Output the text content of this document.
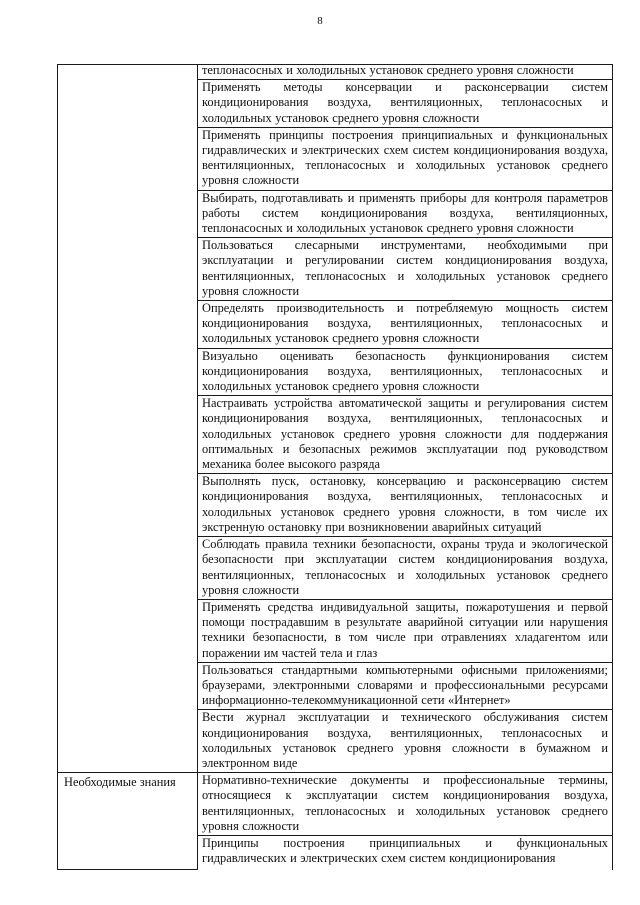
8

	теплонасосных и холодильных установок среднего уровня сложности

	Применять методы консервации и расконсервации систем кондиционирования воздуха, вентиляционных, теплонасосных и холодильных установок среднего уровня сложности

	Применять принципы построения принципиальных и функциональных гидравлических и электрических схем систем кондиционирования воздуха, вентиляционных, теплонасосных и холодильных установок среднего уровня сложности

	Выбирать, подготавливать и применять приборы для контроля параметров работы систем кондиционирования воздуха, вентиляционных, теплонасосных и холодильных установок среднего уровня сложности

	Пользоваться слесарными инструментами, необходимыми при эксплуатации и регулировании систем кондиционирования воздуха, вентиляционных, теплонасосных и холодильных установок среднего уровня сложности

	Определять производительность и потребляемую мощность систем кондиционирования воздуха, вентиляционных, теплонасосных и холодильных установок среднего уровня сложности

	Визуально оценивать безопасность функционирования систем кондиционирования воздуха, вентиляционных, теплонасосных и холодильных установок среднего уровня сложности

	Настраивать устройства автоматической защиты и регулирования систем кондиционирования воздуха, вентиляционных, теплонасосных и холодильных установок среднего уровня сложности для поддержания оптимальных и безопасных режимов эксплуатации под руководством механика более высокого разряда

	Выполнять пуск, остановку, консервацию и расконсервацию систем кондиционирования воздуха, вентиляционных, теплонасосных и холодильных установок среднего уровня сложности, в том числе их экстренную остановку при возникновении аварийных ситуаций

	Соблюдать правила техники безопасности, охраны труда и экологической безопасности при эксплуатации систем кондиционирования воздуха, вентиляционных, теплонасосных и холодильных установок среднего уровня сложности

	Применять средства индивидуальной защиты, пожаротушения и первой помощи пострадавшим в результате аварийной ситуации или нарушения техники безопасности, в том числе при отравлениях хладагентом или поражении им частей тела и глаз

	Пользоваться стандартными компьютерными офисными приложениями; браузерами, электронными словарями и профессиональными ресурсами информационно-телекоммуникационной сети «Интернет»

	Вести журнал эксплуатации и технического обслуживания систем кондиционирования воздуха, вентиляционных, теплонасосных и холодильных установок среднего уровня сложности в бумажном и электронном виде

Необходимые знания	Нормативно-технические документы и профессиональные термины, относящиеся к эксплуатации систем кондиционирования воздуха, вентиляционных, теплонасосных и холодильных установок среднего уровня сложности

	Принципы построения принципиальных и функциональных гидравлических и электрических схем систем кондиционирования
